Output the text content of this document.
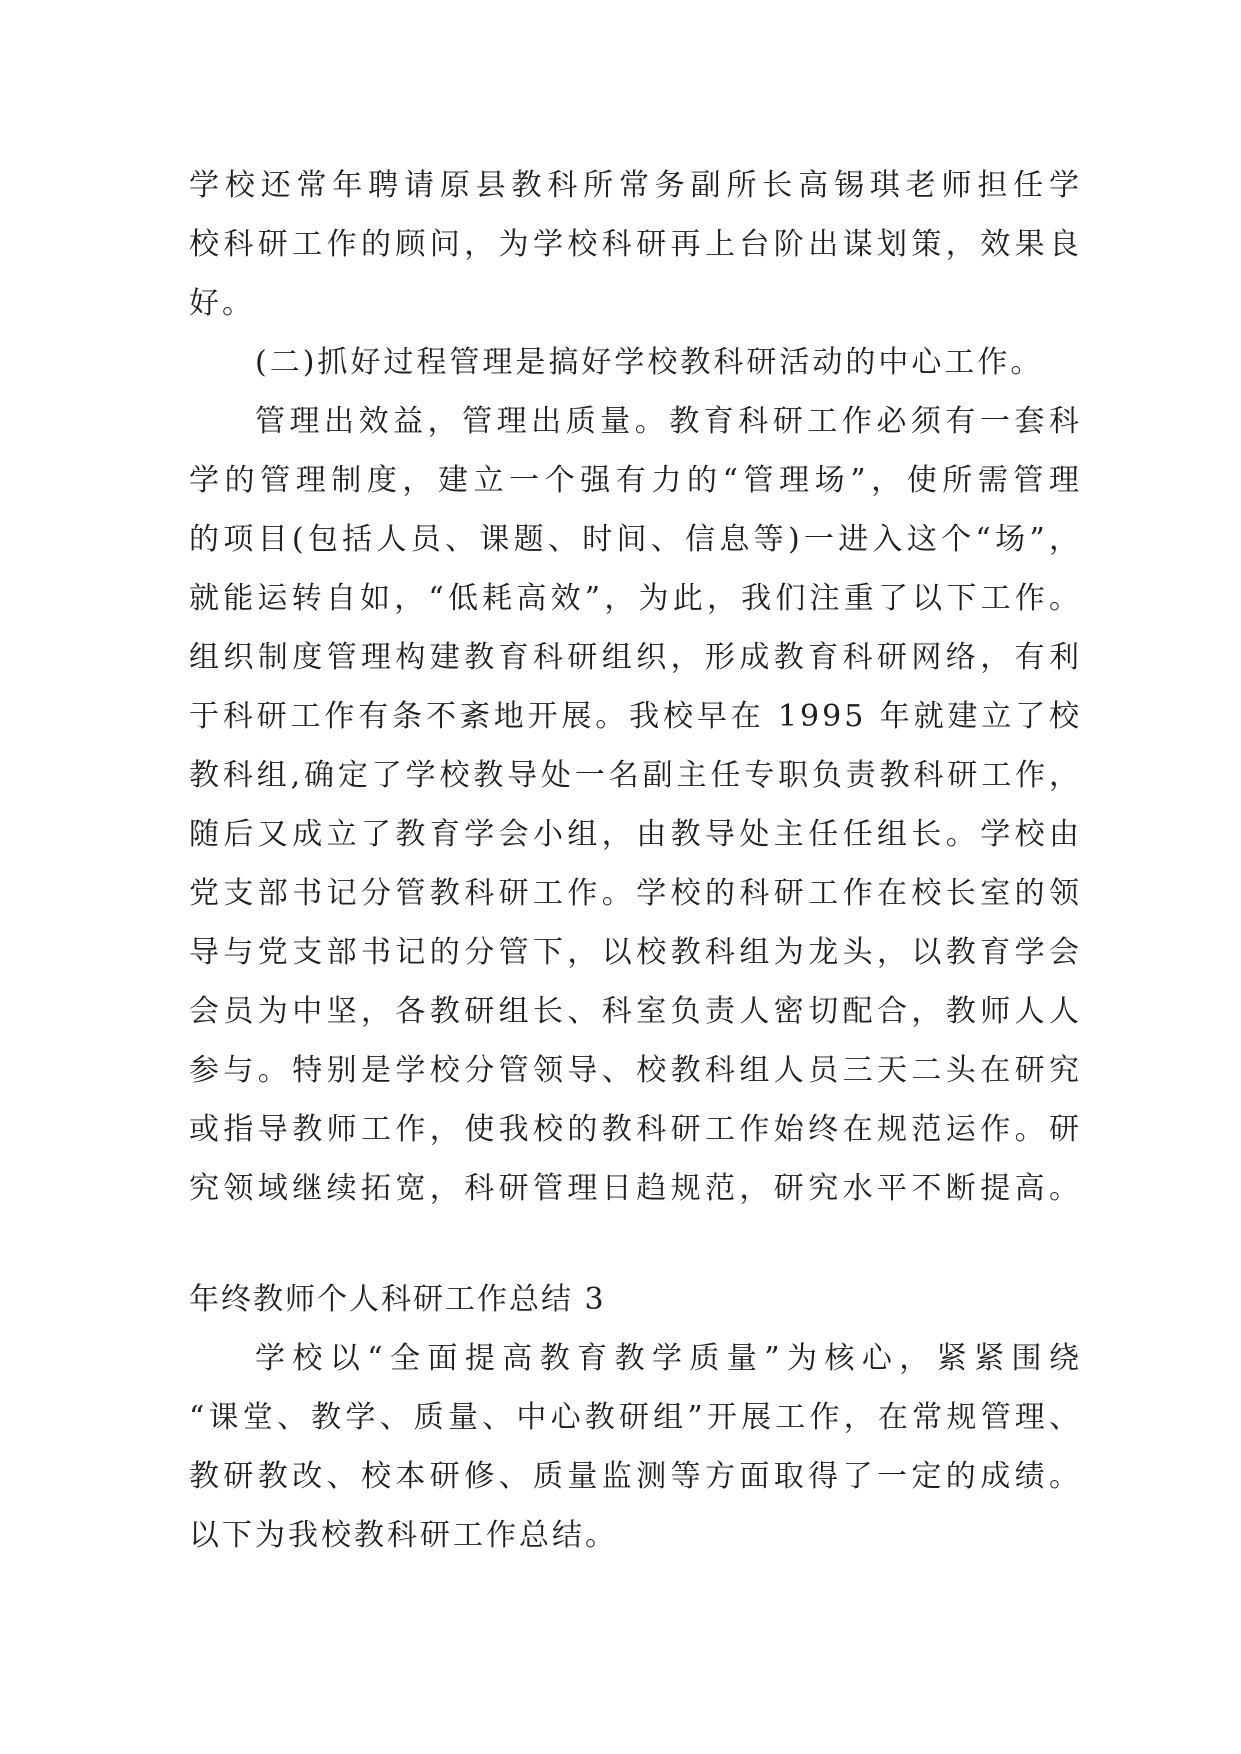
学校还常年聘请原县教科所常务副所长高锡琪老师担任学
校科研工作的顾问，为学校科研再上台阶出谋划策，效果良
好。
(二)抓好过程管理是搞好学校教科研活动的中心工作。
管理出效益，管理出质量。教育科研工作必须有一套科
学的管理制度，建立一个强有力的“管理场”，使所需管理
的项目(包括人员、课题、时间、信息等)一进入这个“场”，
就能运转自如，“低耗高效”，为此，我们注重了以下工作。
组织制度管理构建教育科研组织，形成教育科研网络，有利
于科研工作有条不紊地开展。我校早在 1995 年就建立了校
教科组,确定了学校教导处一名副主任专职负责教科研工作，
随后又成立了教育学会小组，由教导处主任任组长。学校由
党支部书记分管教科研工作。学校的科研工作在校长室的领
导与党支部书记的分管下，以校教科组为龙头，以教育学会
会员为中坚，各教研组长、科室负责人密切配合，教师人人
参与。特别是学校分管领导、校教科组人员三天二头在研究
或指导教师工作，使我校的教科研工作始终在规范运作。研
究领域继续拓宽，科研管理日趋规范，研究水平不断提高。
年终教师个人科研工作总结 3
学校以“全面提高教育教学质量”为核心，紧紧围绕
“课堂、教学、质量、中心教研组”开展工作，在常规管理、
教研教改、校本研修、质量监测等方面取得了一定的成绩。
以下为我校教科研工作总结。
